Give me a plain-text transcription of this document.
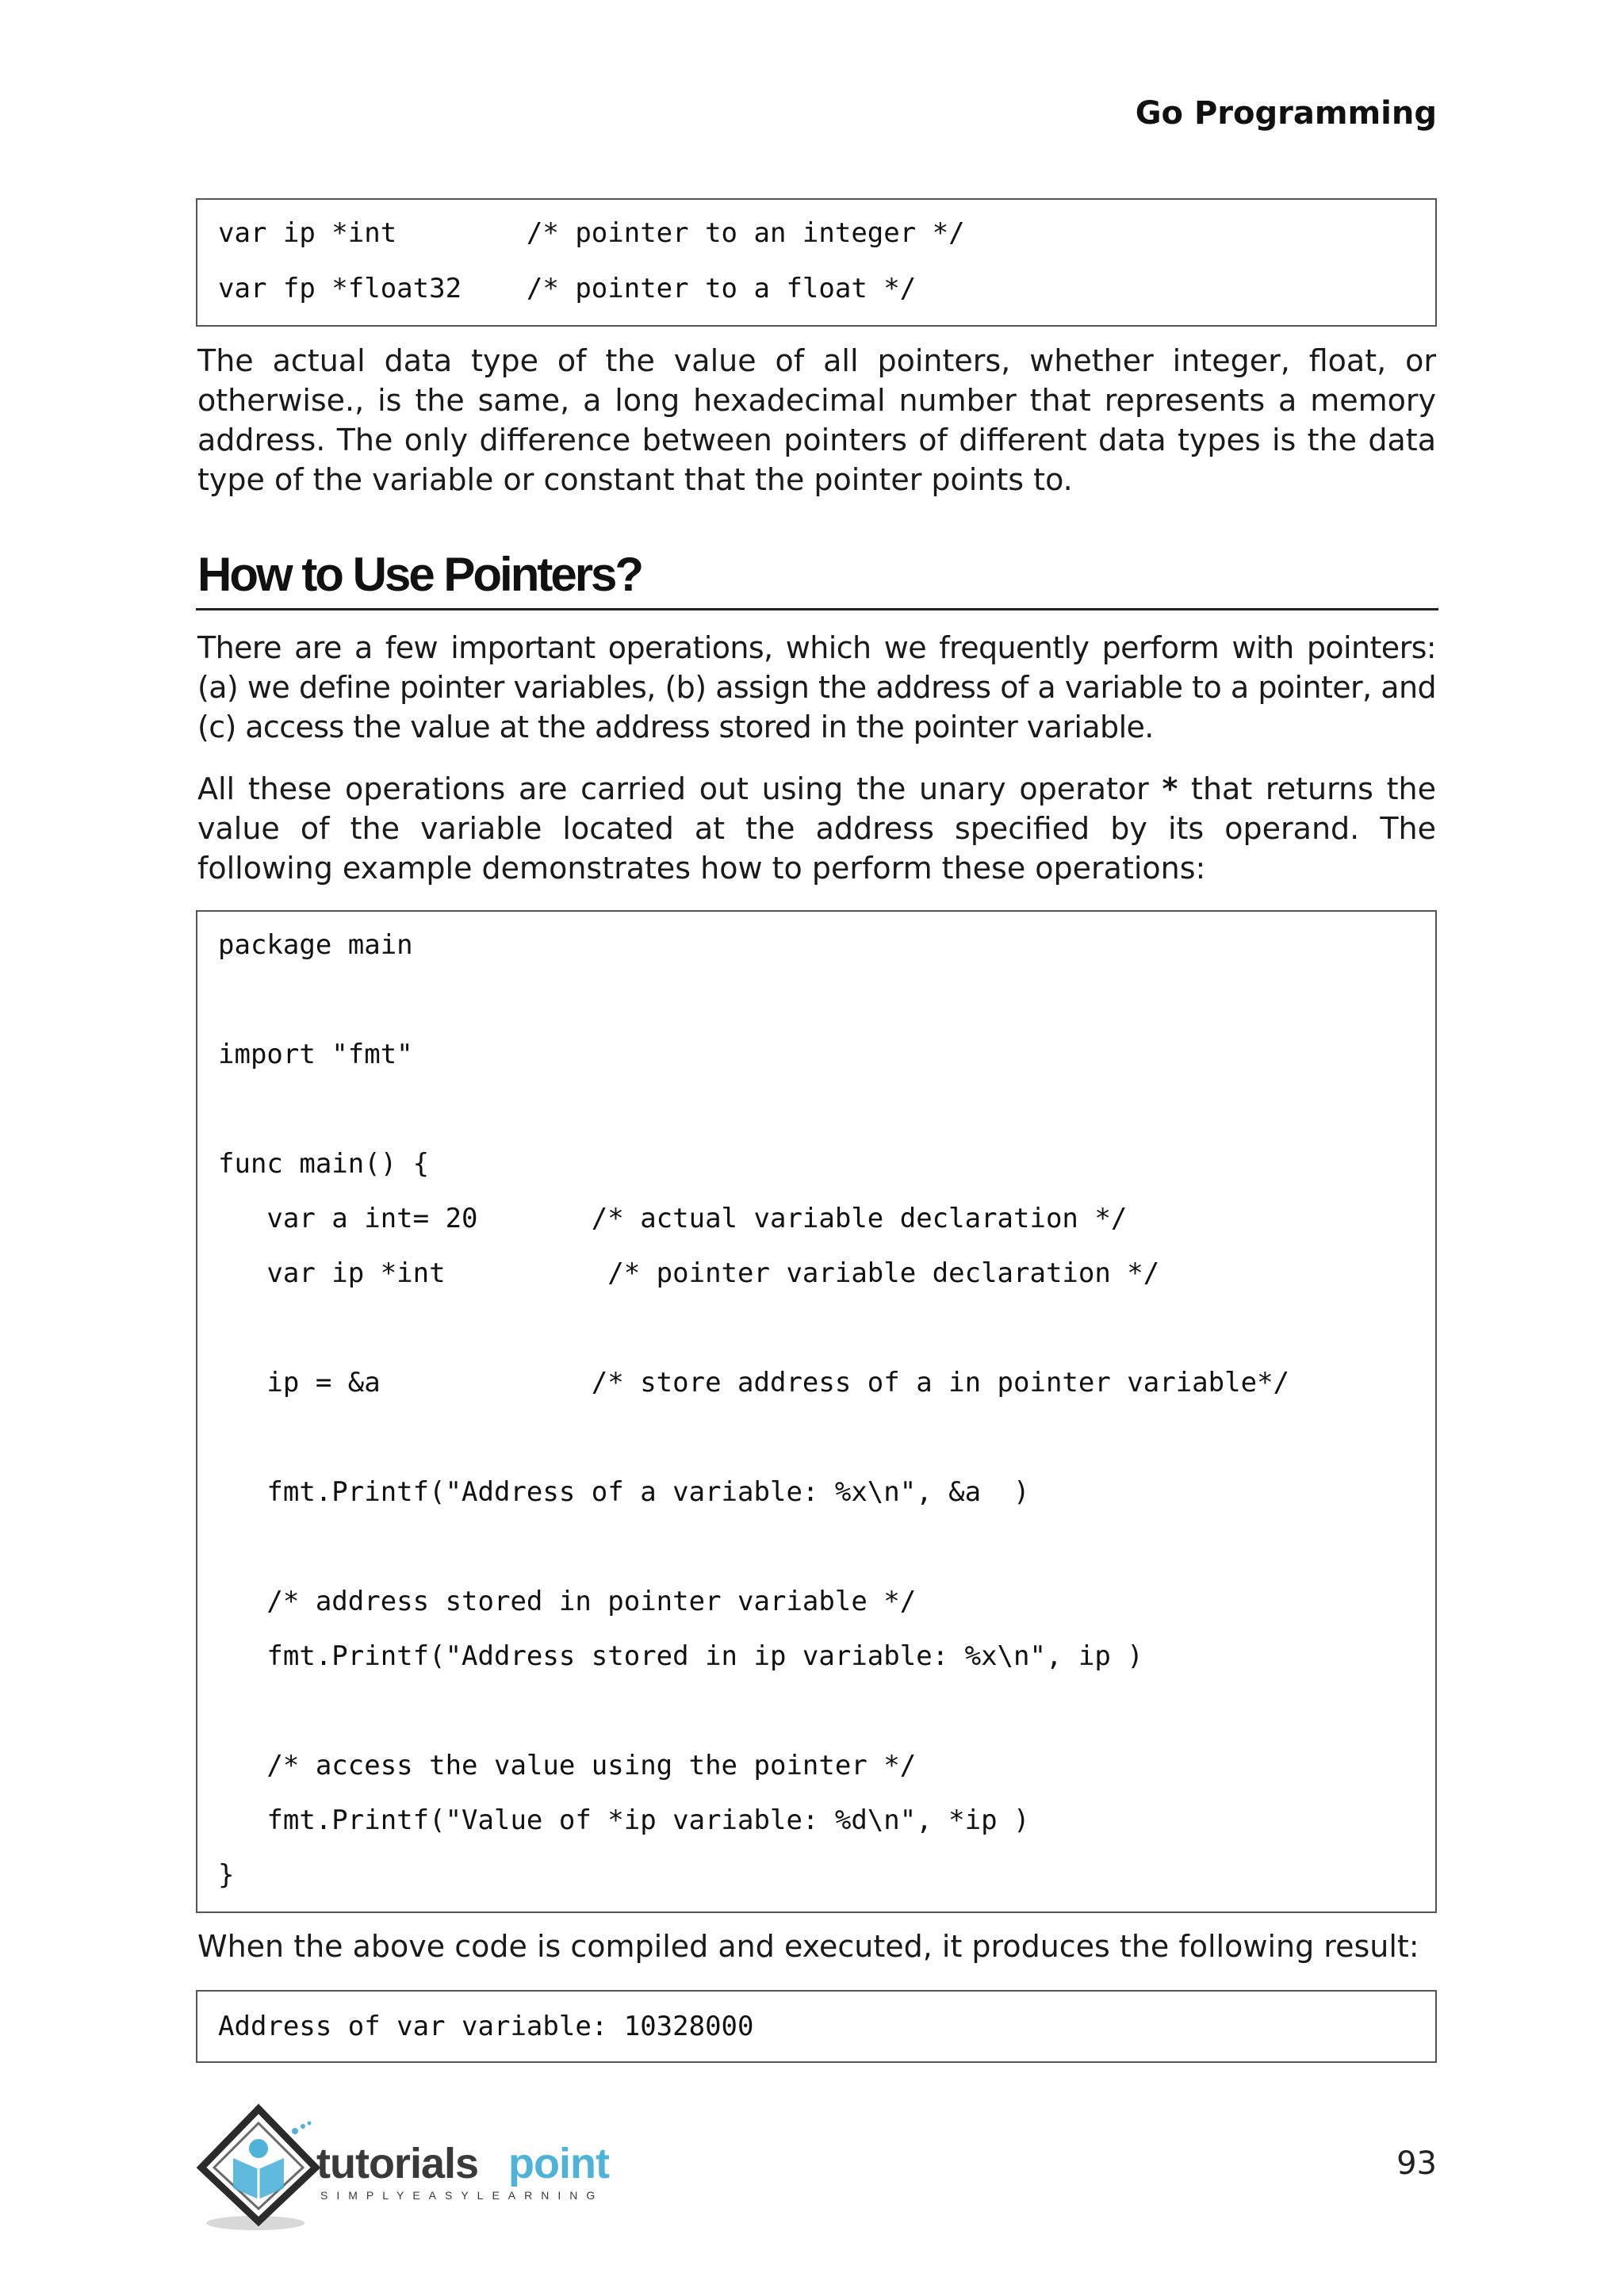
Go Programming
var ip *int        /* pointer to an integer */
var fp *float32    /* pointer to a float */

The actual data type of the value of all pointers, whether integer, float, or otherwise., is the same, a long hexadecimal number that represents a memory address. The only difference between pointers of different data types is the data type of the variable or constant that the pointer points to.

How to Use Pointers?

There are a few important operations, which we frequently perform with pointers: (a) we define pointer variables, (b) assign the address of a variable to a pointer, and (c) access the value at the address stored in the pointer variable.

All these operations are carried out using the unary operator * that returns the value of the variable located at the address specified by its operand. The following example demonstrates how to perform these operations:

package main
import "fmt"
func main() {
var a int= 20       /* actual variable declaration */
var ip *int          /* pointer variable declaration */
ip = &a             /* store address of a in pointer variable*/
fmt.Printf("Address of a variable: %x\n", &a  )
/* address stored in pointer variable */
fmt.Printf("Address stored in ip variable: %x\n", ip )
/* access the value using the pointer */
fmt.Printf("Value of *ip variable: %d\n", *ip )
}

When the above code is compiled and executed, it produces the following result:

Address of var variable: 10328000
tutorials point
SIMPLYEASYLEARNING
93
